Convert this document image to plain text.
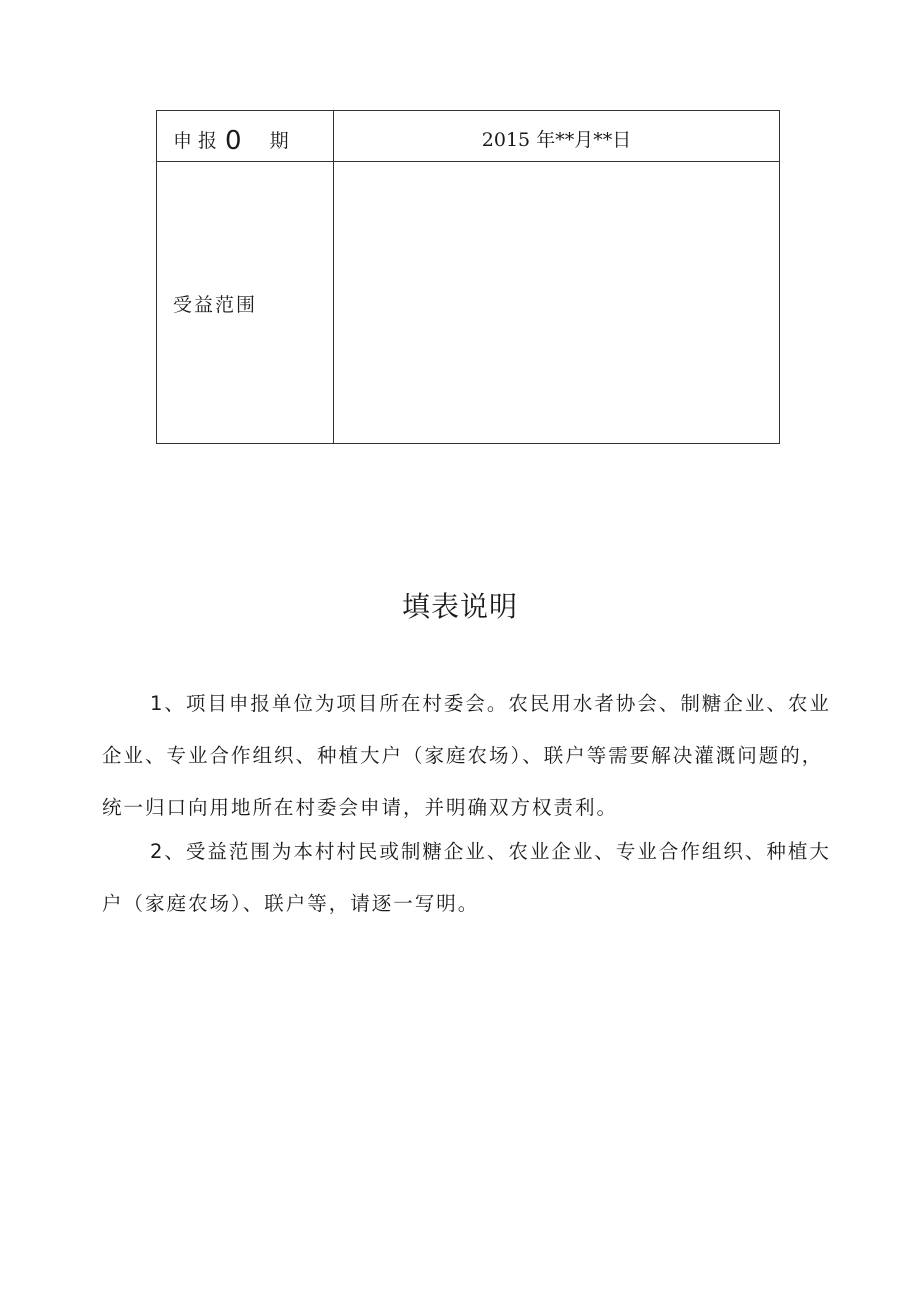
申报0 期	2015 年**月**日
受益范围
填表说明

1、项目申报单位为项目所在村委会。农民用水者协会、制糖企业、农业企业、专业合作组织、种植大户（家庭农场）、联户等需要解决灌溉问题的，统一归口向用地所在村委会申请，并明确双方权责利。

2、受益范围为本村村民或制糖企业、农业企业、专业合作组织、种植大户（家庭农场）、联户等，请逐一写明。
